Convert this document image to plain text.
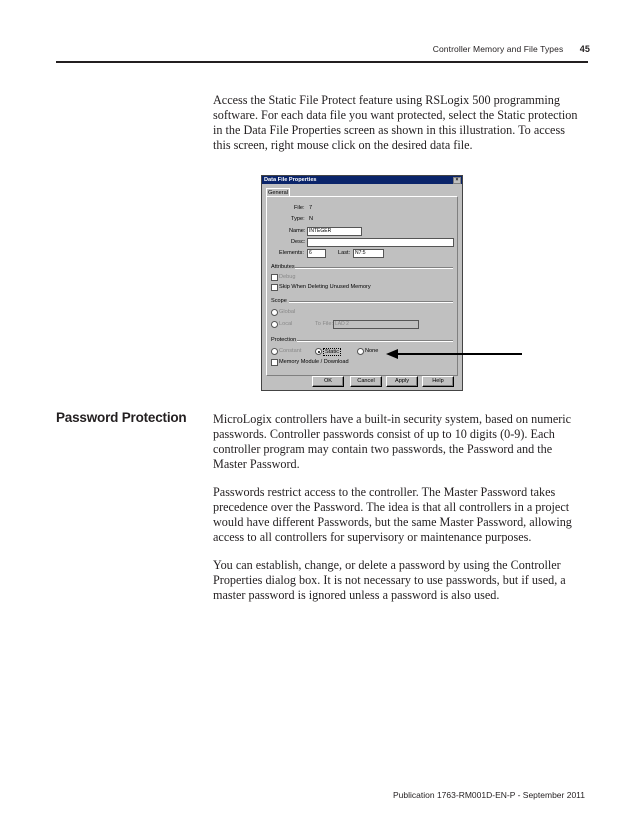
Controller Memory and File Types 45

Access the Static File Protect feature using RSLogix 500 programming software. For each data file you want protected, select the Static protection in the Data File Properties screen as shown in this illustration. To access this screen, right mouse click on the desired data file.

Data File Properties	×
General
File: 7
Type: N
Name: INTEGER
Desc:
Elements:	6	Last: N7:5
Attributes
Debug
Skip When Deleting Unused Memory
Scope
Global
Local	To File: LAD 2
Protection
Constant	Static	None
Memory Module / Download
OK	Cancel	Apply	Help
Password Protection MicroLogix controllers have a built-in security system, based on numeric passwords. Controller passwords consist of up to 10 digits (0-9). Each controller program may contain two passwords, the Password and the Master Password.

Passwords restrict access to the controller. The Master Password takes precedence over the Password. The idea is that all controllers in a project would have different Passwords, but the same Master Password, allowing access to all controllers for supervisory or maintenance purposes.

You can establish, change, or delete a password by using the Controller Properties dialog box. It is not necessary to use passwords, but if used, a master password is ignored unless a password is also used.

Publication 1763-RM001D-EN-P - September 2011
